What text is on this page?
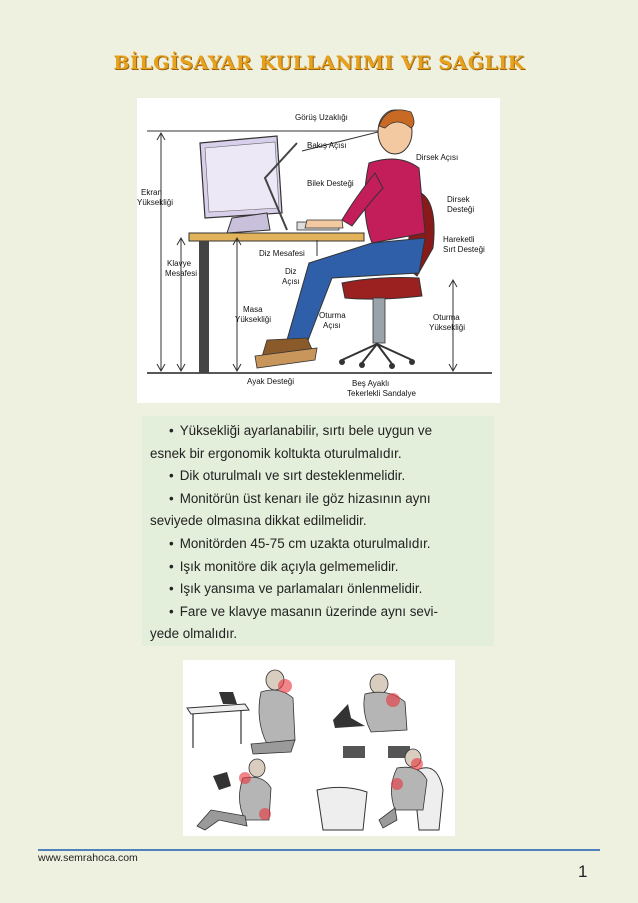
BİLGİSAYAR KULLANIMI VE SAĞLIK
Görüş Uzaklığı
Bakış Açısı
Dirsek Açısı
Bilek Desteği
Dirsek
Desteği
Ekran
Yüksekliği
Hareketli
Sırt Desteği
Diz Mesafesi
Klavye
Mesafesi	Diz
Açısı
Masa
Yüksekliği	Oturma
Açısı
Oturma
Yüksekliği
Ayak Desteği	Beş Ayaklı
Tekerlekli Sandalye
• Yüksekliği ayarlanabilir, sırtı bele uygun ve
esnek bir ergonomik koltukta oturulmalıdır.
• Dik oturulmalı ve sırt desteklenmelidir.
• Monitörün üst kenarı ile göz hizasının aynı
seviyede olmasına dikkat edilmelidir.
• Monitörden 45-75 cm uzakta oturulmalıdır.
• Işık monitöre dik açıyla gelmemelidir.
• Işık yansıma ve parlamaları önlenmelidir.
• Fare ve klavye masanın üzerinde aynı sevi-
yede olmalıdır.
www.semrahoca.com
1
